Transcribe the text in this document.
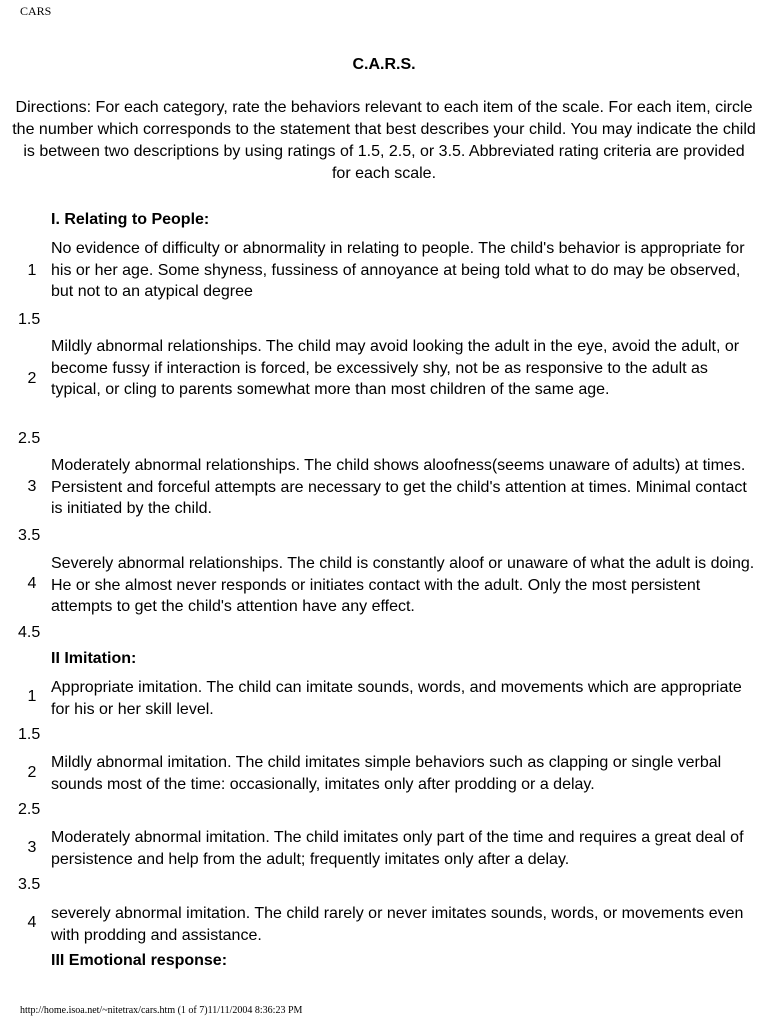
CARS
C.A.R.S.
Directions: For each category, rate the behaviors relevant to each item of the scale. For each item, circle the number which corresponds to the statement that best describes your child. You may indicate the child is between two descriptions by using ratings of 1.5, 2.5, or 3.5. Abbreviated rating criteria are provided for each scale.
I. Relating to People:
1
No evidence of difficulty or abnormality in relating to people. The child's behavior is appropriate for his or her age. Some shyness, fussiness of annoyance at being told what to do may be observed, but not to an atypical degree
1.5
2
Mildly abnormal relationships. The child may avoid looking the adult in the eye, avoid the adult, or become fussy if interaction is forced, be excessively shy, not be as responsive to the adult as typical, or cling to parents somewhat more than most children of the same age.
2.5
3
Moderately abnormal relationships. The child shows aloofness(seems unaware of adults) at times. Persistent and forceful attempts are necessary to get the child's attention at times. Minimal contact is initiated by the child.
3.5
4
Severely abnormal relationships. The child is constantly aloof or unaware of what the adult is doing. He or she almost never responds or initiates contact with the adult. Only the most persistent attempts to get the child's attention have any effect.
4.5
II Imitation:
1
Appropriate imitation. The child can imitate sounds, words, and movements which are appropriate for his or her skill level.
1.5
2
Mildly abnormal imitation. The child imitates simple behaviors such as clapping or single verbal sounds most of the time: occasionally, imitates only after prodding or a delay.
2.5
3
Moderately abnormal imitation. The child imitates only part of the time and requires a great deal of persistence and help from the adult; frequently imitates only after a delay.
3.5
4
severely abnormal imitation. The child rarely or never imitates sounds, words, or movements even with prodding and assistance.
III Emotional response:
http://home.isoa.net/~nitetrax/cars.htm (1 of 7)11/11/2004 8:36:23 PM
